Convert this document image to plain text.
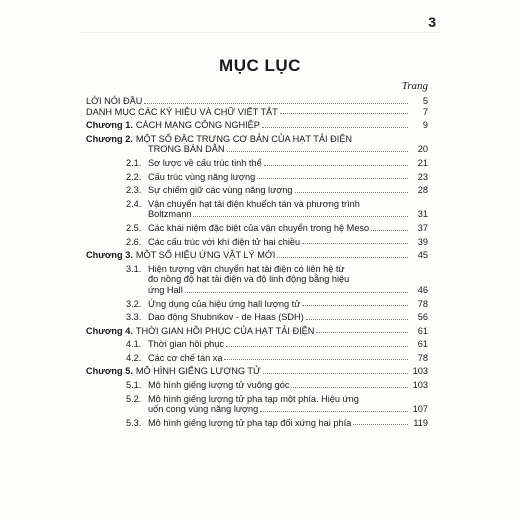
3
MỤC LỤC
Trang
LỜI NÓI ĐẦU	5
DANH MỤC CÁC KÝ HIỆU VÀ CHỮ VIẾT TẮT	7
Chương 1. CÁCH MẠNG CÔNG NGHIỆP	9
Chương 2. MỘT SỐ ĐẶC TRƯNG CƠ BẢN CỦA HẠT TẢI ĐIỆN
TRONG BÁN DẪN	20
2.1. Sơ lược về cấu trúc tinh thể	21
2.2. Cấu trúc vùng năng lượng	23
2.3. Sự chiếm giữ các vùng năng lượng	28
2.4. Vận chuyển hạt tải điện khuếch tán và phương trình
Boltzmann	31
2.5. Các khái niệm đặc biệt của vận chuyển trong hệ Meso	37
2.6. Các cấu trúc với khí điện tử hai chiều	39
Chương 3. MỘT SỐ HIỆU ỨNG VẬT LÝ MỚI	45
3.1. Hiện tượng vận chuyển hạt tải điện có liên hệ từ
đo nồng độ hạt tải điện và độ linh động bằng hiệu
ứng Hall	46
3.2. Ứng dụng của hiệu ứng hall lượng tử	78
3.3. Dao động Shubnikov - de Haas (SDH)	56
Chương 4. THỜI GIAN HỒI PHỤC CỦA HẠT TẢI ĐIỆN	61
4.1. Thời gian hồi phục	61
4.2. Các cơ chế tán xạ	78
Chương 5. MÔ HÌNH GIẾNG LƯỢNG TỬ	103
5.1. Mô hình giếng lượng tử vuông góc	103
5.2. Mô hình giếng lượng tử pha tạp một phía. Hiệu ứng
uốn cong vùng năng lượng	107
5.3. Mô hình giếng lượng tử pha tạp đối xứng hai phía	119
